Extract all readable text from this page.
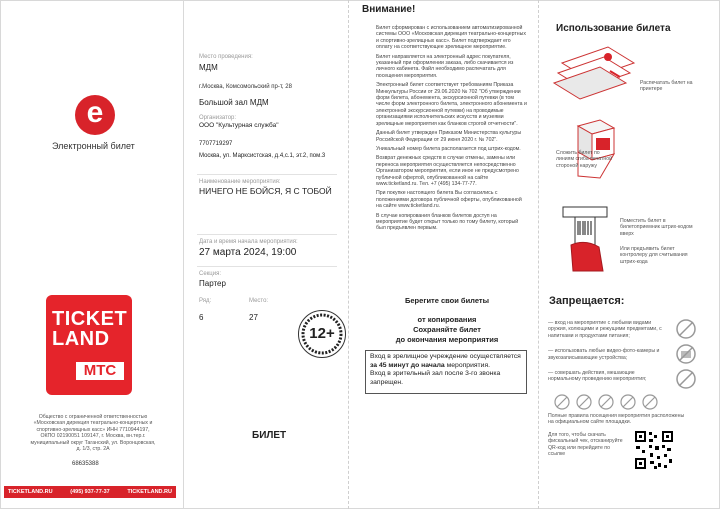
e
Электронный билет
TICKET
LAND
МТС
Общество с ограниченной ответственностью «Московская дирекция театрально-концертных и спортивно-зрелищных касс» ИНН 7710944197, ОКПО 02190051 109147, г. Москва, вн.тер.г. муниципальный округ Таганский, ул. Воронцовская, д. 1/3, стр. 2А
68635388
TICKETLAND.RU	(495) 937-77-37	TICKETLAND.RU
Место проведения:
МДМ
г.Москва, Комсомольский пр-т, 28
Большой зал МДМ
Организатор:
ООО "Культурная служба"
7707719297
Москва, ул. Марксистская, д.4,с.1, эт.2, пом.3
Наименование мероприятия:
НИЧЕГО НЕ БОЙСЯ, Я С ТОБОЙ
Дата и время начала мероприятия:
27 марта 2024, 19:00
Секция:
Партер
Ряд:
6
Место:
27
12+
БИЛЕТ
Внимание!

Билет сформирован с использованием автоматизированной системы ООО «Московская дирекция театрально-концертных и спортивно-зрелищных касс». Билет подтверждает его оплату на соответствующее зрелищное мероприятие.

Билет направляется на электронный адрес покупателя, указанный при оформлении заказа, либо скачивается из личного кабинета. Файл необходимо распечатать для посещения мероприятия.

Электронный билет соответствует требованиям Приказа Минкультуры России от 29.06.2020 № 702 "Об утверждении форм билета, абонемента, экскурсионной путевки (в том числе форм электронного билета, электронного абонемента и электронной экскурсионной путевки) на проводимые организациями исполнительских искусств и музеями зрелищные мероприятия как бланков строгой отчетности".

Данный билет утвержден Приказом Министерства культуры Российской Федерации от 29 июня 2020 г. № 702".

Уникальный номер билета располагается под штрих-кодом.

Возврат денежных средств в случае отмены, замены или переноса мероприятия осуществляется непосредственно Организатором мероприятия, если иное не предусмотрено публичной офертой, опубликованной на сайте www.ticketland.ru. Тел. +7 (495) 134-77-77.

При покупке настоящего билета Вы согласились с положениями договора публичной оферты, опубликованной на сайте www.ticketland.ru.

В случае копирования бланков билетов доступ на мероприятие будет открыт только по тому билету, который был предъявлен первым.

Берегите свои билеты
от копирования
Сохраняйте билет
до окончания мероприятия
Вход в зрелищное учреждение осуществляется за 45 минут до начала мероприятия.
Вход в зрительный зал после 3-го звонка запрещен.
Использование билета
Распечатать билет на принтере
Сложить билет по линиям сгиба печатной стороной наружу
Поместить билет в билетоприемник штрих-кодом вверх
Или предъявить билет контролеру для считывания штрих-кода
Запрещается:
— вход на мероприятие с любыми видами оружия, колющими и режущими предметами, с напитками и продуктами питания;
— использовать любые видео-фото-камеры и звукозаписывающие устройства;
— совершать действия, мешающие нормальному проведению мероприятия;
Полные правила посещения мероприятия расположены на официальном сайте площадки.
Для того, чтобы скачать фискальный чек, отсканируйте QR-код или перейдите по ссылке
